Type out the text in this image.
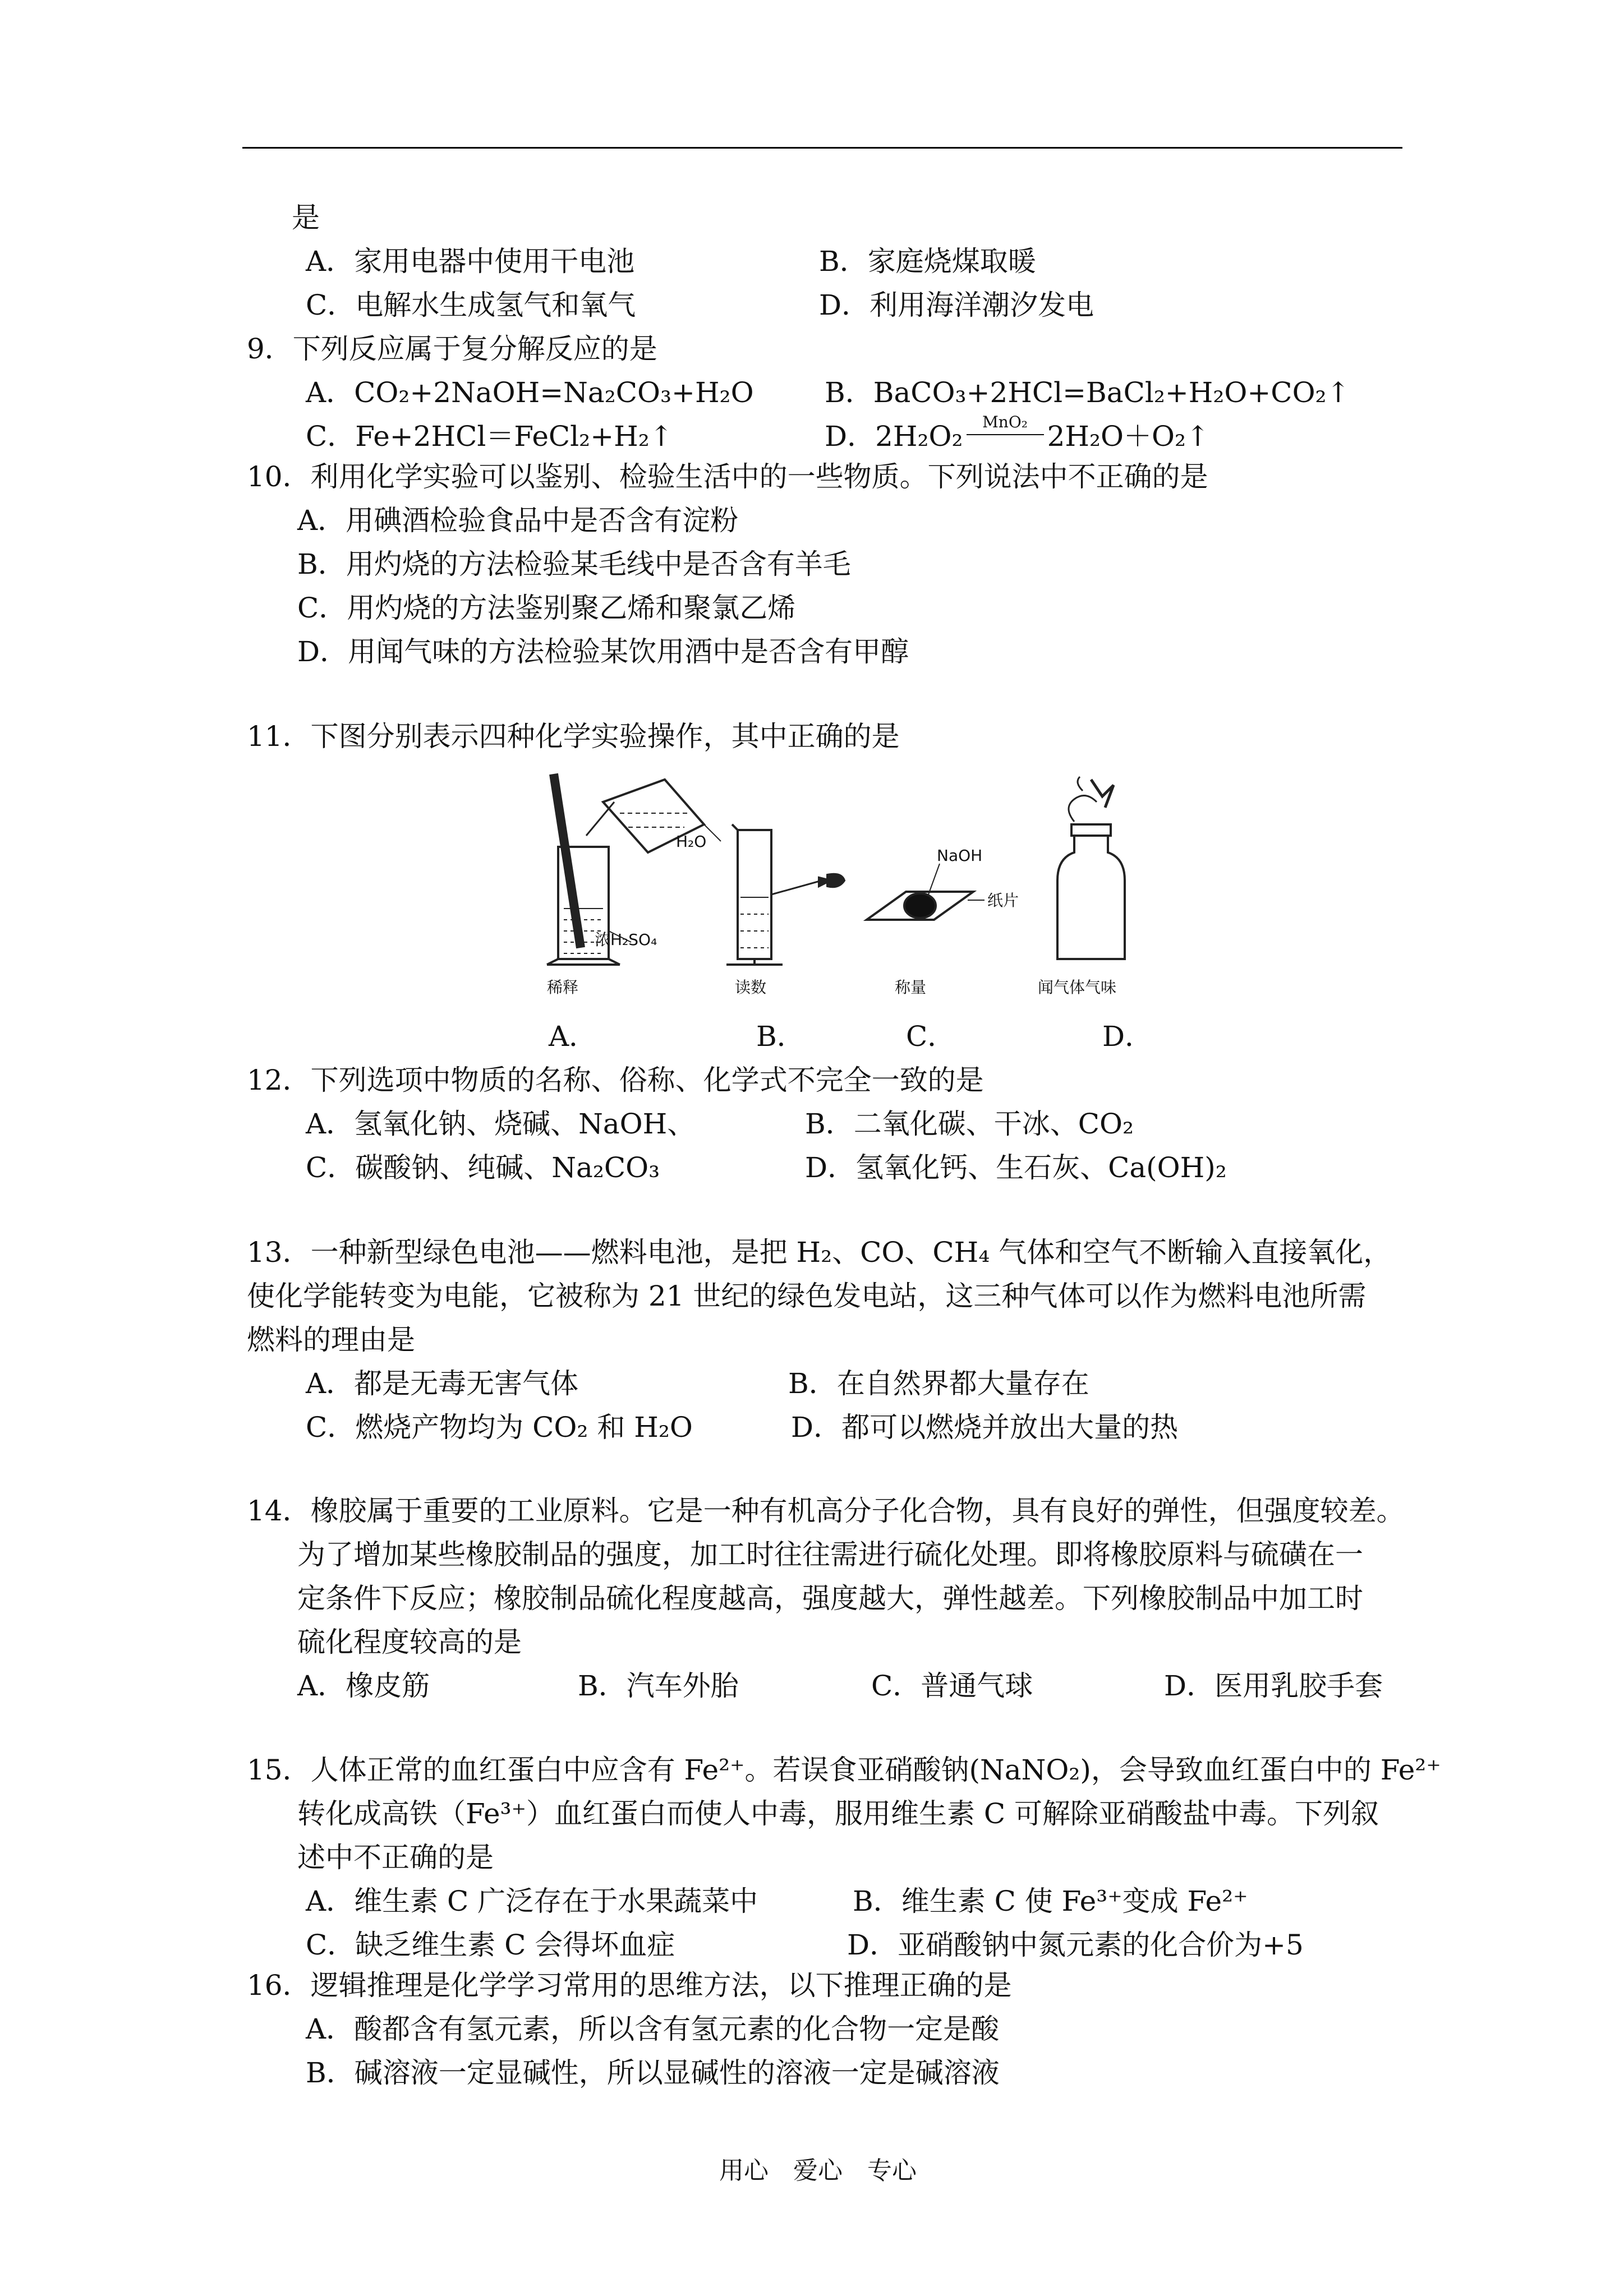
是
A．家用电器中使用干电池	B．家庭烧煤取暖
C．电解水生成氢气和氧气	D．利用海洋潮汐发电
9．下列反应属于复分解反应的是
A．CO₂+2NaOH=Na₂CO₃+H₂O	B．BaCO₃+2HCl=BaCl₂+H₂O+CO₂↑
C．Fe+2HCl＝FeCl₂+H₂↑	D．2H₂O₂	MnO₂ 2H₂O＋O₂↑
10．利用化学实验可以鉴别、检验生活中的一些物质。下列说法中不正确的是
A．用碘酒检验食品中是否含有淀粉
B．用灼烧的方法检验某毛线中是否含有羊毛
C．用灼烧的方法鉴别聚乙烯和聚氯乙烯
D．用闻气味的方法检验某饮用酒中是否含有甲醇
11．下图分别表示四种化学实验操作，其中正确的是
H₂O
浓H₂SO₄
稀释	读数
NaOH
纸片
称量	闻气体气味
A．	B．	C．	D．
12．下列选项中物质的名称、俗称、化学式不完全一致的是
A．氢氧化钠、烧碱、NaOH、	B．二氧化碳、干冰、CO₂
C．碳酸钠、纯碱、Na₂CO₃	D．氢氧化钙、生石灰、Ca(OH)₂
13．一种新型绿色电池——燃料电池，是把 H₂、CO、CH₄ 气体和空气不断输入直接氧化，
使化学能转变为电能，它被称为 21 世纪的绿色发电站，这三种气体可以作为燃料电池所需
燃料的理由是
A．都是无毒无害气体	B．在自然界都大量存在
C．燃烧产物均为 CO₂ 和 H₂O	D．都可以燃烧并放出大量的热
14．橡胶属于重要的工业原料。它是一种有机高分子化合物，具有良好的弹性，但强度较差。
为了增加某些橡胶制品的强度，加工时往往需进行硫化处理。即将橡胶原料与硫磺在一
定条件下反应；橡胶制品硫化程度越高，强度越大，弹性越差。下列橡胶制品中加工时
硫化程度较高的是
A．橡皮筋	B．汽车外胎	C．普通气球	D．医用乳胶手套
15．人体正常的血红蛋白中应含有 Fe²⁺。若误食亚硝酸钠(NaNO₂)，会导致血红蛋白中的 Fe²⁺
转化成高铁（Fe³⁺）血红蛋白而使人中毒，服用维生素 C 可解除亚硝酸盐中毒。下列叙
述中不正确的是
A．维生素 C 广泛存在于水果蔬菜中	B．维生素 C 使 Fe³⁺变成 Fe²⁺
C．缺乏维生素 C 会得坏血症	D．亚硝酸钠中氮元素的化合价为+5
16．逻辑推理是化学学习常用的思维方法，以下推理正确的是
A．酸都含有氢元素，所以含有氢元素的化合物一定是酸
B．碱溶液一定显碱性，所以显碱性的溶液一定是碱溶液
用心　爱心　专心
